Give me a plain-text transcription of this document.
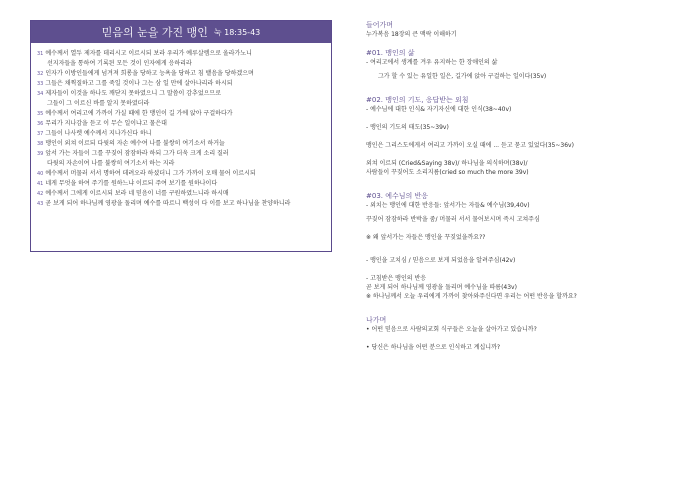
믿음의 눈을 가진 맹인 눅 18:35-43
31 예수께서 열두 제자를 데리시고 이르시되 보라 우리가 예루살렘으로 올라가노니
선지자들을 통하여 기록된 모든 것이 인자에게 응하리라
32 인자가 이방인들에게 넘겨져 희롱을 당하고 능욕을 당하고 침 뱉음을 당하겠으며
33 그들은 채찍질하고 그를 죽일 것이나 그는 삼 일 만에 살아나리라 하시되
34 제자들이 이것을 하나도 깨닫지 못하였으니 그 말씀이 감추었으므로
그들이 그 이르신 바를 알지 못하였더라
35 예수께서 여리고에 가까이 가실 때에 한 맹인이 길 가에 앉아 구걸하다가
36 무리가 지나감을 듣고 이 무슨 일이냐고 물은대
37 그들이 나사렛 예수께서 지나가신다 하니
38 맹인이 외쳐 이르되 다윗의 자손 예수여 나를 불쌍히 여기소서 하거늘
39 앞서 가는 자들이 그를 꾸짖어 잠잠하라 하되 그가 더욱 크게 소리 질러
다윗의 자손이여 나를 불쌍히 여기소서 하는 지라
40 예수께서 머물러 서서 명하여 데려오라 하셨더니 그가 가까이 오매 물어 이르시되
41 네게 무엇을 하여 주기를 원하느냐 이르되 주여 보기를 원하나이다
42 예수께서 그에게 이르시되 보라 네 믿음이 너를 구원하였느니라 하시매
43 곧 보게 되어 하나님께 영광을 돌리며 예수를 따르니 백성이 다 이를 보고 하나님을 찬양하니라
들어가며
누가복음 18장의 큰 맥락 이해하기
#01. 맹인의 삶
- 여리고에서 생계를 겨우 유지하는 한 장애인의 삶
그가 할 수 있는 유일한 일은, 길가에 앉아 구걸하는 일이다(35v)
#02. 맹인의 기도, 응답받는 외침
- 예수님에 대한 인식& 자기자신에 대한 인식(38~40v)
- 맹인의 기도의 태도(35~39v)
맹인은 그리스도에게서 여리고 가까이 오실 때에 ... 듣고 묻고 있었다(35~36v)
외쳐 이르되 (Cried&Saying 38v)/ 하나님을 의식하며(38v)/
사람들이 꾸짖어도 소리지름(cried so much the more 39v)
#03. 예수님의 반응
- 외치는 맹인에 대한 반응들: 앞서가는 자들& 예수님(39,40v)
꾸짖어 잠잠하라 반박을 줌/ 머물러 서서 물어보시며 즉시 고쳐주심
※ 왜 앞서가는 자들은 맹인을 꾸짖었을까요??
- 맹인을 고치심 / 믿음으로 보게 되었음을 알려주심(42v)
- 고침받은 맹인의 반응
곧 보게 되어 하나님께 영광을 돌리며 예수님을 따름(43v)
※ 하나님께서 오늘 우리에게 가까이 찾아와주신다면 우리는 어떤 반응을 할까요?
나가며
• 어떤 믿음으로 사람의교회 식구들은 오늘을 살아가고 있습니까?
• 당신은 하나님을 어떤 분으로 인식하고 계십니까?
